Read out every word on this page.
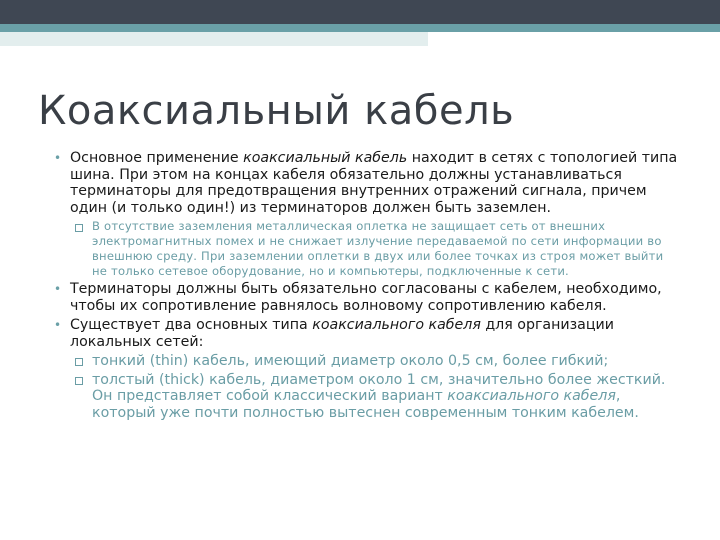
Коаксиальный кабель
• Основное применение коаксиальный кабель находит в сетях с топологией типа шина. При этом на концах кабеля обязательно должны устанавливаться терминаторы для предотвращения внутренних отражений сигнала, причем один (и только один!) из терминаторов должен быть заземлен.
В отсутствие заземления металлическая оплетка не защищает сеть от внешних электромагнитных помех и не снижает излучение передаваемой по сети информации во внешнюю среду. При заземлении оплетки в двух или более точках из строя может выйти не только сетевое оборудование, но и компьютеры, подключенные к сети.
• Терминаторы должны быть обязательно согласованы с кабелем, необходимо, чтобы их сопротивление равнялось волновому сопротивлению кабеля.
• Существует два основных типа коаксиального кабеля для организации локальных сетей:
тонкий (thin) кабель, имеющий диаметр около 0,5 см, более гибкий;
толстый (thick) кабель, диаметром около 1 см, значительно более жесткий. Он представляет собой классический вариант коаксиального кабеля, который уже почти полностью вытеснен современным тонким кабелем.
